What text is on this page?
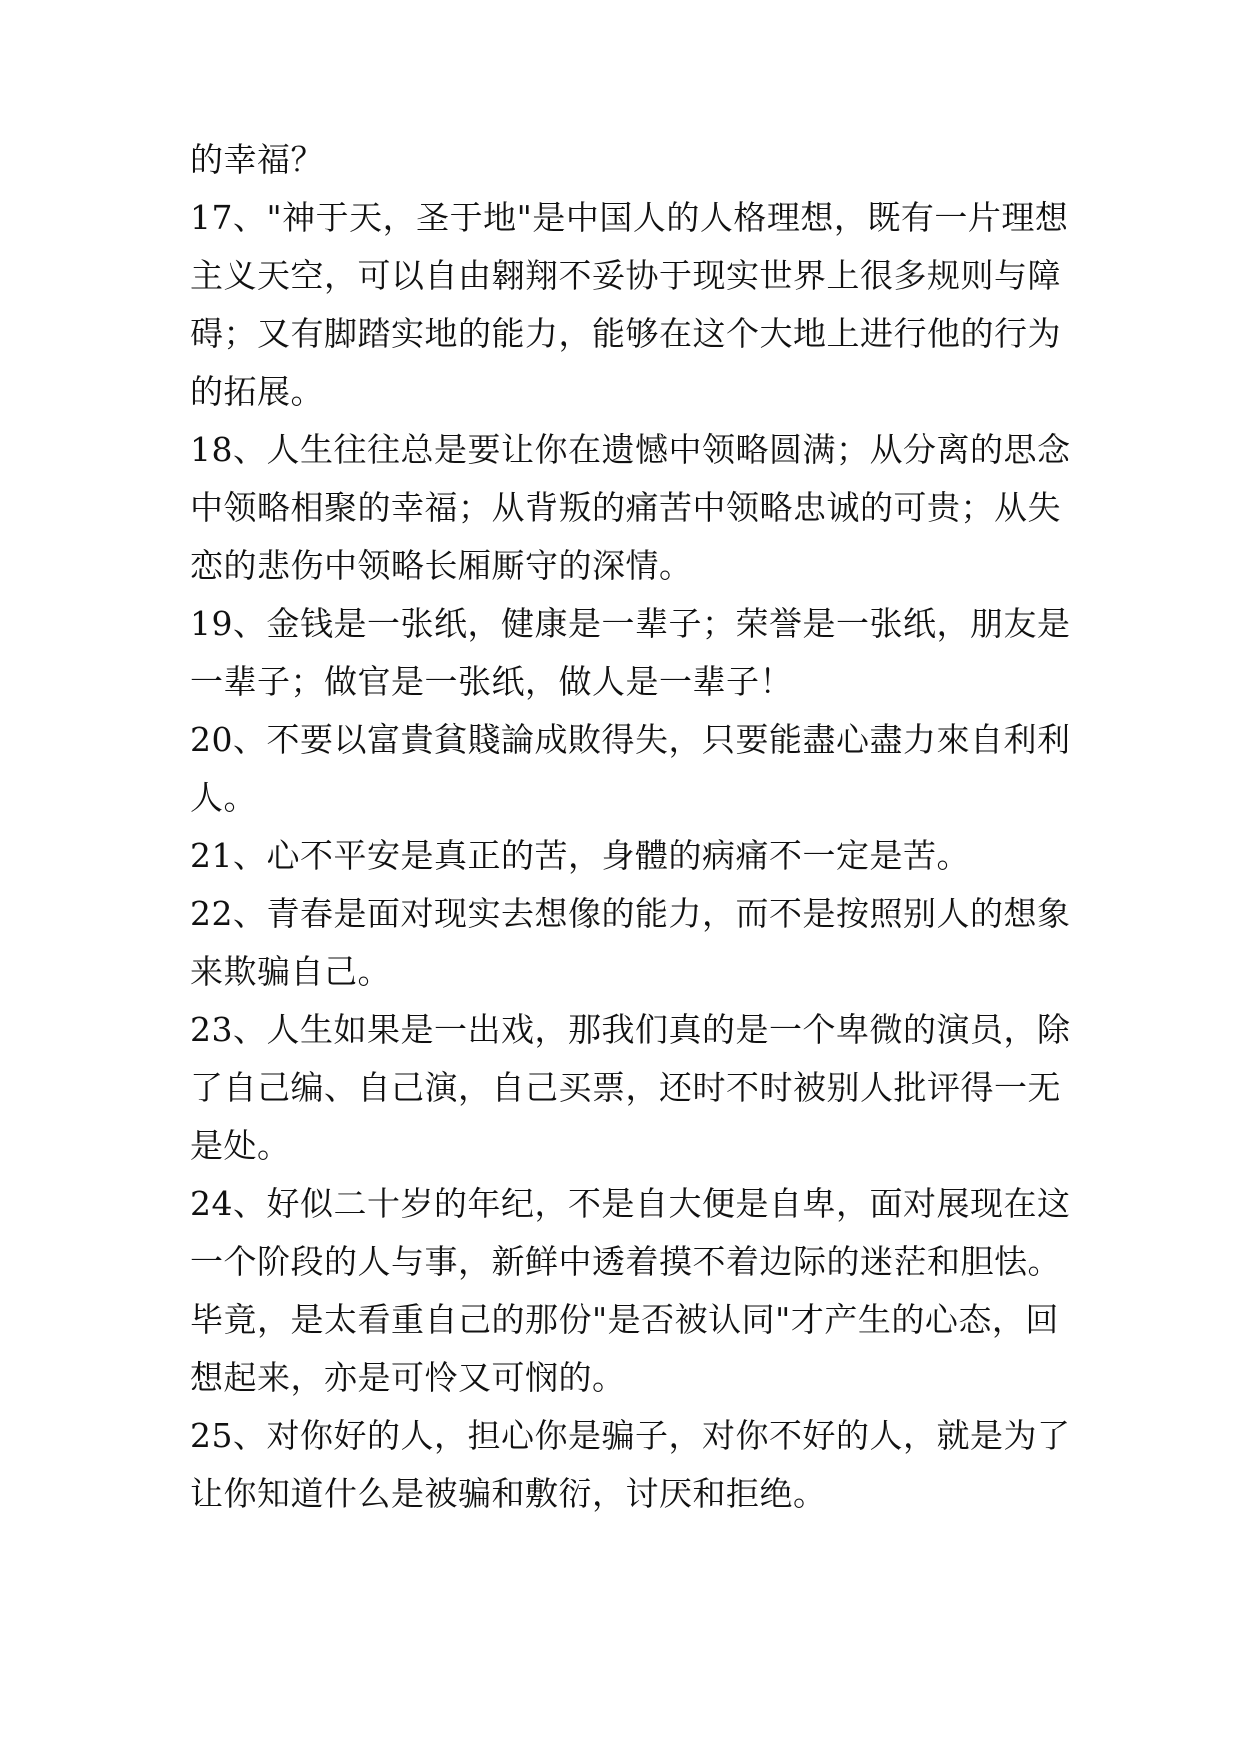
的幸福？
17、"神于天，圣于地"是中国人的人格理想，既有一片理想
主义天空，可以自由翱翔不妥协于现实世界上很多规则与障
碍；又有脚踏实地的能力，能够在这个大地上进行他的行为
的拓展。
18、人生往往总是要让你在遗憾中领略圆满；从分离的思念
中领略相聚的幸福；从背叛的痛苦中领略忠诚的可贵；从失
恋的悲伤中领略长厢厮守的深情。
19、金钱是一张纸，健康是一辈子；荣誉是一张纸，朋友是
一辈子；做官是一张纸，做人是一辈子！
20、不要以富貴貧賤論成敗得失，只要能盡心盡力來自利利
人。
21、心不平安是真正的苦，身體的病痛不一定是苦。
22、青春是面对现实去想像的能力，而不是按照别人的想象
来欺骗自己。
23、人生如果是一出戏，那我们真的是一个卑微的演员，除
了自己编、自己演，自己买票，还时不时被别人批评得一无
是处。
24、好似二十岁的年纪，不是自大便是自卑，面对展现在这
一个阶段的人与事，新鲜中透着摸不着边际的迷茫和胆怯。
毕竟，是太看重自己的那份"是否被认同"才产生的心态，回
想起来，亦是可怜又可悯的。
25、对你好的人，担心你是骗子，对你不好的人，就是为了
让你知道什么是被骗和敷衍，讨厌和拒绝。
